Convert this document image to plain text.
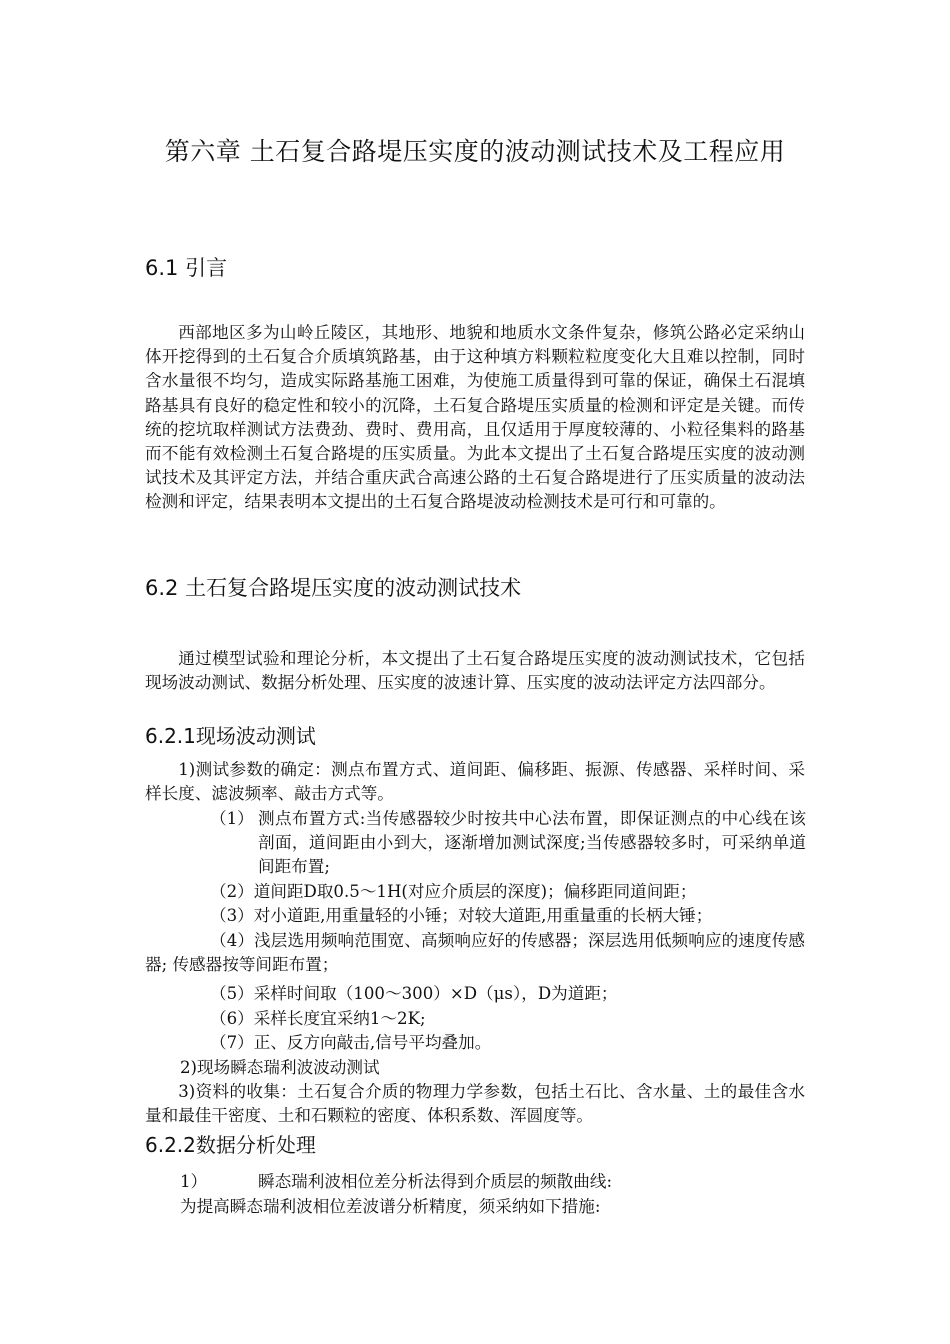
第六章 土石复合路堤压实度的波动测试技术及工程应用
6.1 引言
西部地区多为山岭丘陵区，其地形、地貌和地质水文条件复杂，修筑公路必定采纳山体开挖得到的土石复合介质填筑路基，由于这种填方料颗粒粒度变化大且难以控制，同时含水量很不均匀，造成实际路基施工困难，为使施工质量得到可靠的保证，确保土石混填路基具有良好的稳定性和较小的沉降，土石复合路堤压实质量的检测和评定是关键。而传统的挖坑取样测试方法费劲、费时、费用高，且仅适用于厚度较薄的、小粒径集料的路基而不能有效检测土石复合路堤的压实质量。为此本文提出了土石复合路堤压实度的波动测试技术及其评定方法，并结合重庆武合高速公路的土石复合路堤进行了压实质量的波动法检测和评定，结果表明本文提出的土石复合路堤波动检测技术是可行和可靠的。
6.2 土石复合路堤压实度的波动测试技术
通过模型试验和理论分析，本文提出了土石复合路堤压实度的波动测试技术，它包括现场波动测试、数据分析处理、压实度的波速计算、压实度的波动法评定方法四部分。
6.2.1现场波动测试
1)测试参数的确定：测点布置方式、道间距、偏移距、振源、传感器、采样时间、采样长度、滤波频率、敲击方式等。
（1） 测点布置方式:当传感器较少时按共中心法布置，即保证测点的中心线在该剖面，道间距由小到大，逐渐增加测试深度;当传感器较多时，可采纳单道间距布置;
（2）道间距D取0.5～1H(对应介质层的深度)；偏移距同道间距；
（3）对小道距,用重量轻的小锤；对较大道距,用重量重的长柄大锤；
（4）浅层选用频响范围宽、高频响应好的传感器；深层选用低频响应的速度传感器; 传感器按等间距布置；
（5）采样时间取（100～300）×D（μs），D为道距；
（6）采样长度宜采纳1～2K;
（7）正、反方向敲击,信号平均叠加。
2)现场瞬态瑞利波波动测试
3)资料的收集：土石复合介质的物理力学参数，包括土石比、含水量、土的最佳含水量和最佳干密度、土和石颗粒的密度、体积系数、浑圆度等。
6.2.2数据分析处理
1）	瞬态瑞利波相位差分析法得到介质层的频散曲线:
为提高瞬态瑞利波相位差波谱分析精度，须采纳如下措施:
